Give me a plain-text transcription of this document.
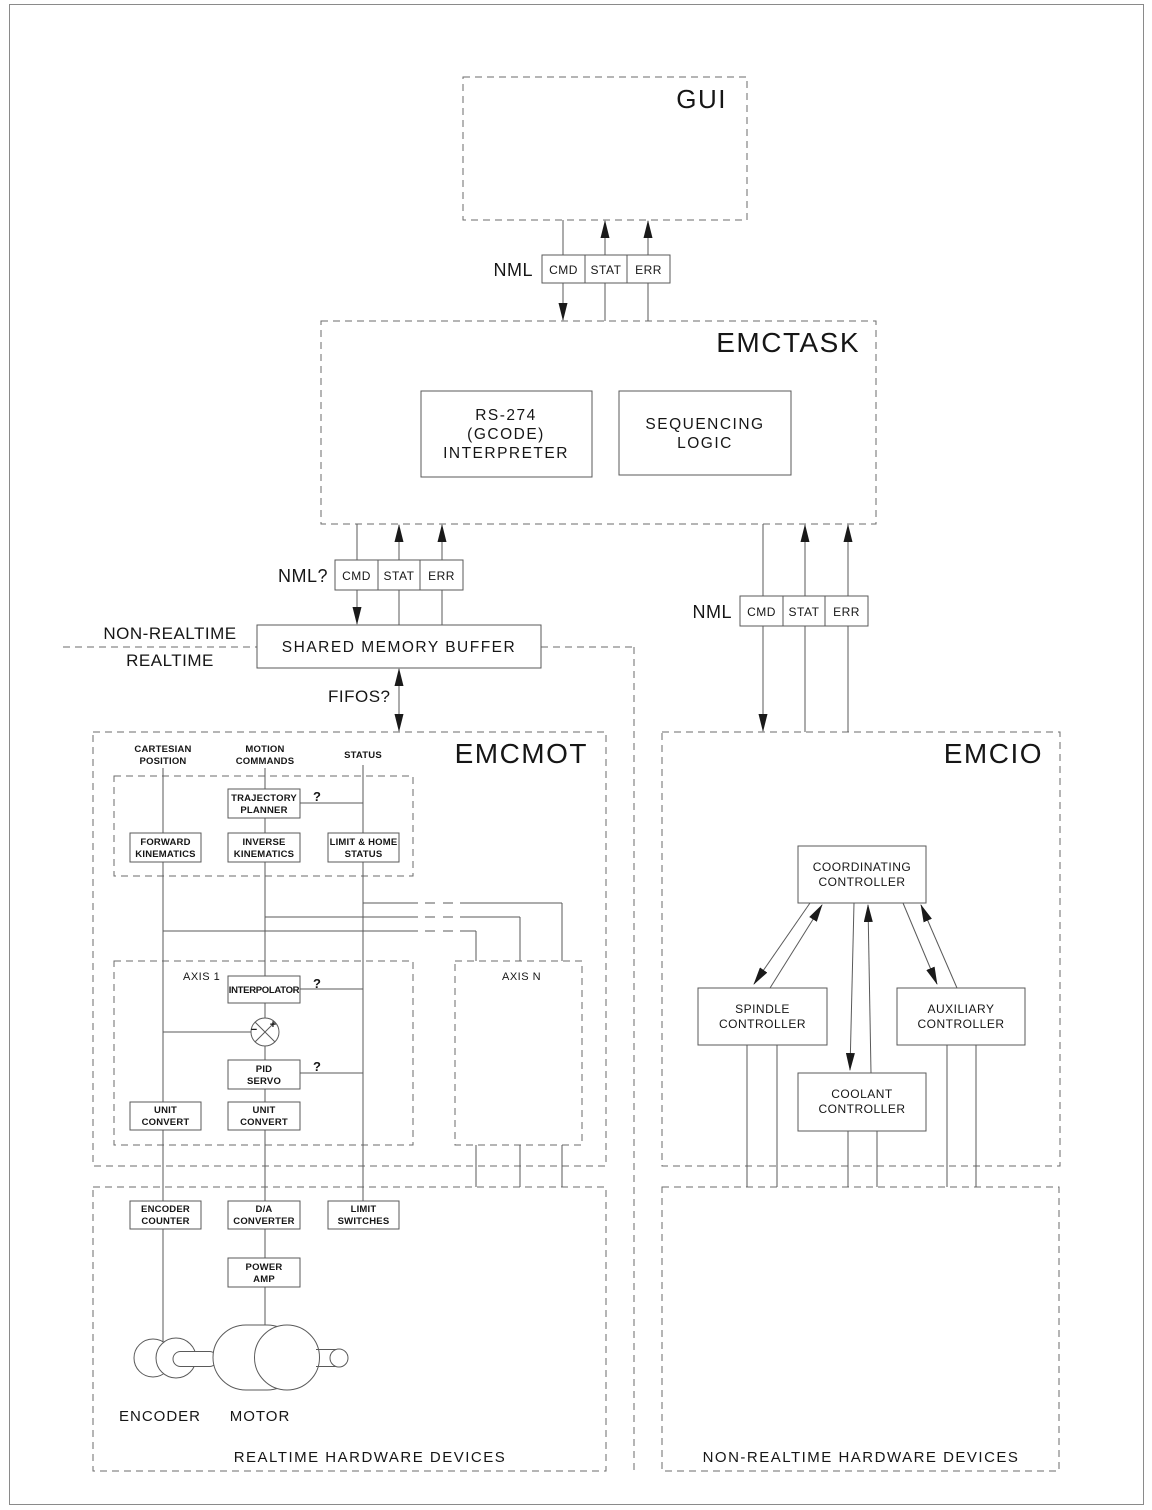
+
−
GUI
EMCTASK
EMCMOT	EMCIO
NML CMD STAT ERR
NML? CMD STAT ERR
NML CMD STAT ERR
RS-274 (GCODE) INTERPRETER
SEQUENCING LOGIC
NON-REALTIME
REALTIME
FIFOS?
SHARED MEMORY BUFFER
CARTESIAN POSITION
MOTION COMMANDS
STATUS
TRAJECTORY PLANNER
FORWARD KINEMATICS
INVERSE KINEMATICS
LIMIT & HOME STATUS
AXIS 1	AXIS N
INTERPOLATOR
PID SERVO
UNIT CONVERT
UNIT CONVERT
?
?
?
COORDINATING CONTROLLER
SPINDLE CONTROLLER
AUXILIARY CONTROLLER
COOLANT CONTROLLER
ENCODER COUNTER
D/A CONVERTER
LIMIT SWITCHES
POWER AMP
ENCODER MOTOR
REALTIME HARDWARE DEVICES	NON-REALTIME HARDWARE DEVICES
